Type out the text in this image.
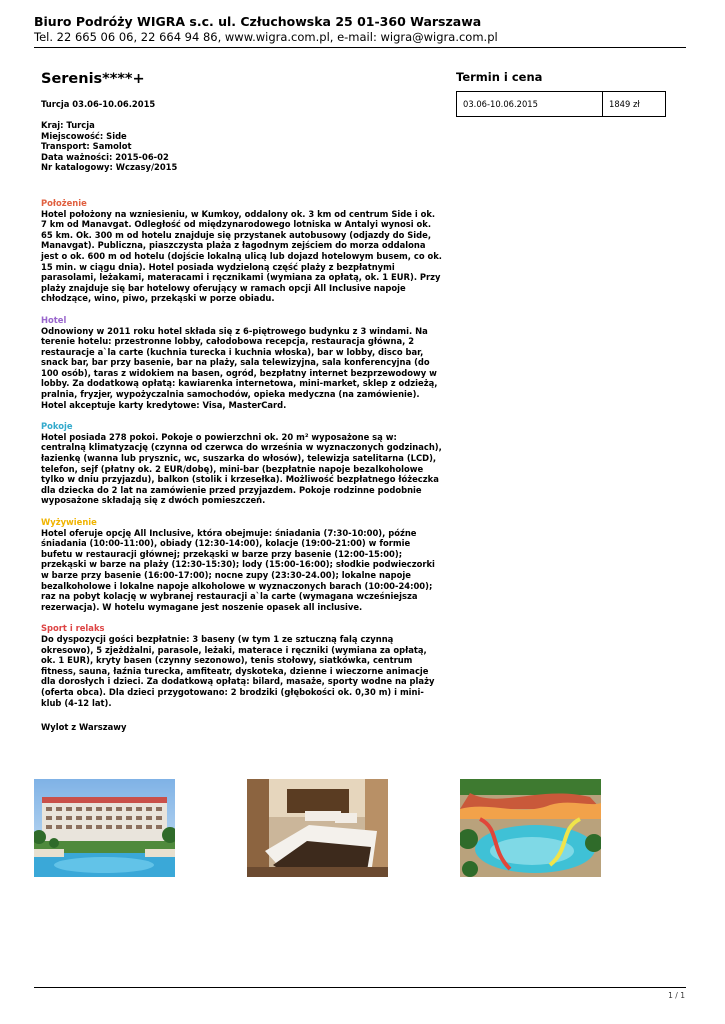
Biuro Podróży WIGRA s.c. ul. Człuchowska 25 01-360 Warszawa
Tel. 22 665 06 06, 22 664 94 86, www.wigra.com.pl, e-mail: wigra@wigra.com.pl
Serenis****+
Turcja 03.06-10.06.2015
Kraj: Turcja
Miejscowość: Side
Transport: Samolot
Data ważności: 2015-06-02
Nr katalogowy: Wczasy/2015
Położenie
Hotel położony na wzniesieniu, w Kumkoy, oddalony ok. 3 km od centrum Side i ok. 7 km od Manavgat. Odległość od międzynarodowego lotniska w Antalyi wynosi ok. 65 km. Ok. 300 m od hotelu znajduje się przystanek autobusowy (odjazdy do Side, Manavgat). Publiczna, piaszczysta plaża z łagodnym zejściem do morza oddalona jest o ok. 600 m od hotelu (dojście lokalną ulicą lub dojazd hotelowym busem, co ok. 15 min. w ciągu dnia). Hotel posiada wydzieloną część plaży z bezpłatnymi parasolami, leżakami, materacami i ręcznikami (wymiana za opłatą, ok. 1 EUR). Przy plaży znajduje się bar hotelowy oferujący w ramach opcji All Inclusive napoje chłodzące, wino, piwo, przekąski w porze obiadu.
Hotel
Odnowiony w 2011 roku hotel składa się z 6-piętrowego budynku z 3 windami. Na terenie hotelu: przestronne lobby, całodobowa recepcja, restauracja główna, 2 restauracje a`la carte (kuchnia turecka i kuchnia włoska), bar w lobby, disco bar, snack bar, bar przy basenie, bar na plaży, sala telewizyjna, sala konferencyjna (do 100 osób), taras z widokiem na basen, ogród, bezpłatny internet bezprzewodowy w lobby. Za dodatkową opłatą: kawiarenka internetowa, mini-market, sklep z odzieżą, pralnia, fryzjer, wypożyczalnia samochodów, opieka medyczna (na zamówienie). Hotel akceptuje karty kredytowe: Visa, MasterCard.
Pokoje
Hotel posiada 278 pokoi. Pokoje o powierzchni ok. 20 m² wyposażone są w: centralną klimatyzację (czynna od czerwca do września w wyznaczonych godzinach), łazienkę (wanna lub prysznic, wc, suszarka do włosów), telewizja satelitarna (LCD), telefon, sejf (płatny ok. 2 EUR/dobę), mini-bar (bezpłatnie napoje bezalkoholowe tylko w dniu przyjazdu), balkon (stolik i krzesełka). Możliwość bezpłatnego łóżeczka dla dziecka do 2 lat na zamówienie przed przyjazdem. Pokoje rodzinne podobnie wyposażone składają się z dwóch pomieszczeń.
Wyżywienie
Hotel oferuje opcję All Inclusive, która obejmuje: śniadania (7:30-10:00), późne śniadania (10:00-11:00), obiady (12:30-14:00), kolacje (19:00-21:00) w formie bufetu w restauracji głównej; przekąski w barze przy basenie (12:00-15:00); przekąski w barze na plaży (12:30-15:30); lody (15:00-16:00); słodkie podwieczorki w barze przy basenie (16:00-17:00); nocne zupy (23:30-24.00); lokalne napoje bezalkoholowe i lokalne napoje alkoholowe w wyznaczonych barach (10:00-24:00); raz na pobyt kolację w wybranej restauracji a`la carte (wymagana wcześniejsza rezerwacja). W hotelu wymagane jest noszenie opasek all inclusive.
Sport i relaks
Do dyspozycji gości bezpłatnie: 3 baseny (w tym 1 ze sztuczną falą czynną okresowo), 5 zjeżdżalni, parasole, leżaki, materace i ręczniki (wymiana za opłatą, ok. 1 EUR), kryty basen (czynny sezonowo), tenis stołowy, siatkówka, centrum fitness, sauna, łaźnia turecka, amfiteatr, dyskoteka, dzienne i wieczorne animacje dla dorosłych i dzieci. Za dodatkową opłatą: bilard, masaże, sporty wodne na plaży (oferta obca). Dla dzieci przygotowano: 2 brodziki (głębokości ok. 0,30 m) i mini-klub (4-12 lat).
Wylot z Warszawy
Termin i cena
03.06-10.06.2015	1849 zł
1 / 1
